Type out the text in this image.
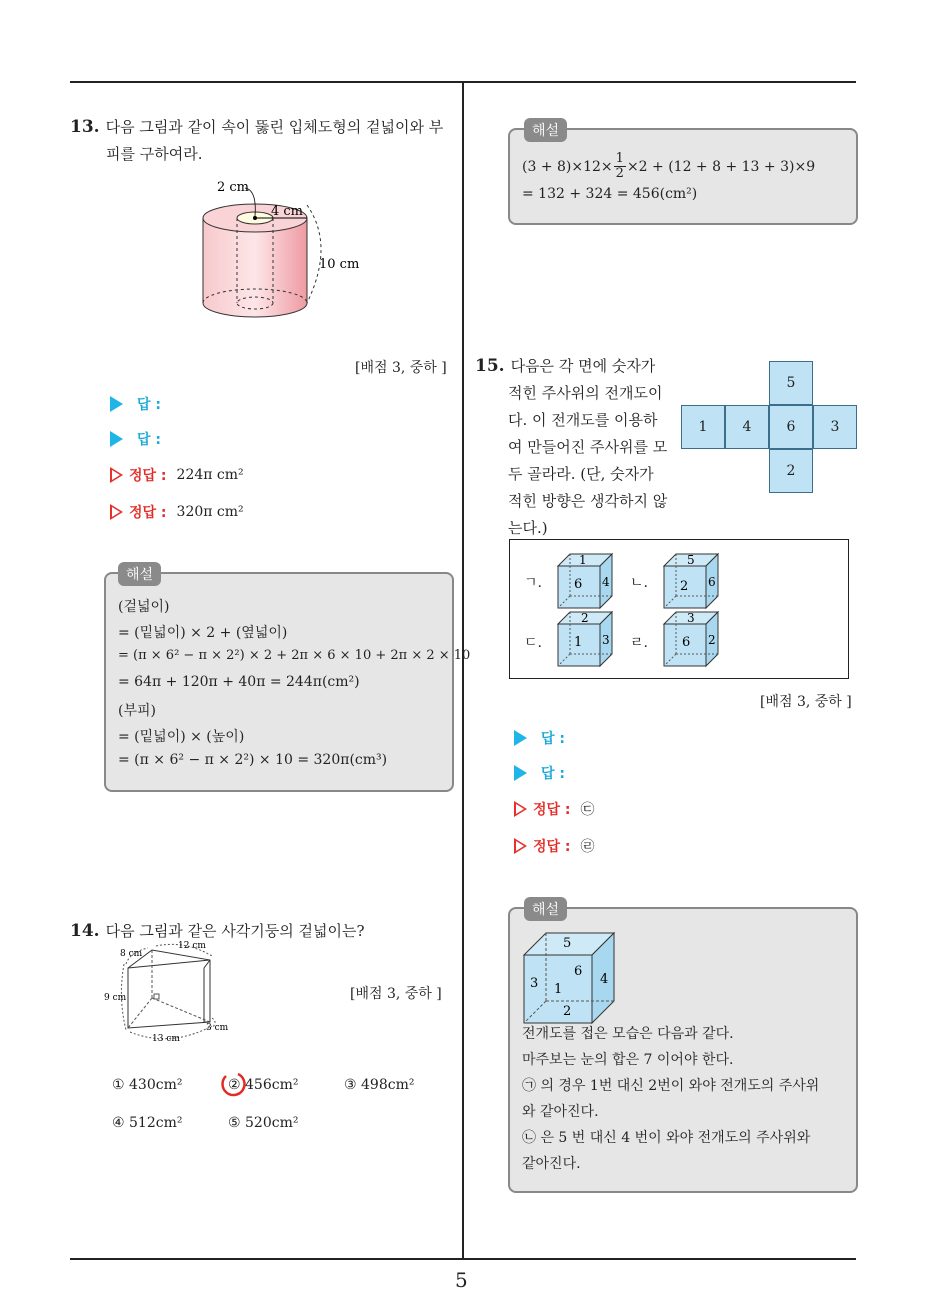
5
13. 다음 그림과 같이 속이 뚫린 입체도형의 겉넓이와 부
피를 구하여라.
2 cm
4 cm
10 cm
[배점 3, 중하 ]
답 :
답 :
정답 : 224π cm²
정답 : 320π cm²
해설
(겉넓이)
= (밑넓이) × 2 + (옆넓이)
= (π × 6² − π × 2²) × 2 + 2π × 6 × 10 + 2π × 2 × 10
= 64π + 120π + 40π = 244π(cm²)
(부피)
= (밑넓이) × (높이)
= (π × 6² − π × 2²) × 10 = 320π(cm³)
14. 다음 그림과 같은 사각기둥의 겉넓이는?
8 cm
12 cm
9 cm
13 cm
3 cm
[배점 3, 중하 ]
① 430cm²	② 456cm²	③ 498cm²
④ 512cm²	⑤ 520cm²
해설
$(3 + 8)\times 12\times \frac{1}{2} \times 2 + (12 + 8 + 13 + 3)\times 9$
= 132 + 324 = 456(cm²)
15. 다음은 각 면에 숫자가
적힌 주사위의 전개도이
다. 이 전개도를 이용하
여 만들어진 주사위를 모
두 골라라. (단, 숫자가
적힌 방향은 생각하지 않
는다.)
5
1	4	6	3
2
ㄱ.
1
6 4 ㄴ.
5
2 6
ㄷ.
2
1 3 ㄹ.
3
6 2
[배점 3, 중하 ]
답 :
답 :
정답 : ㉢
정답 : ㉣
해설
5
3
6
1
4
2
전개도를 접은 모습은 다음과 같다.
마주보는 눈의 합은 7 이어야 한다.
㉠ 의 경우 1번 대신 2번이 와야 전개도의 주사위
와 같아진다.
㉡ 은 5 번 대신 4 번이 와야 전개도의 주사위와
같아진다.
